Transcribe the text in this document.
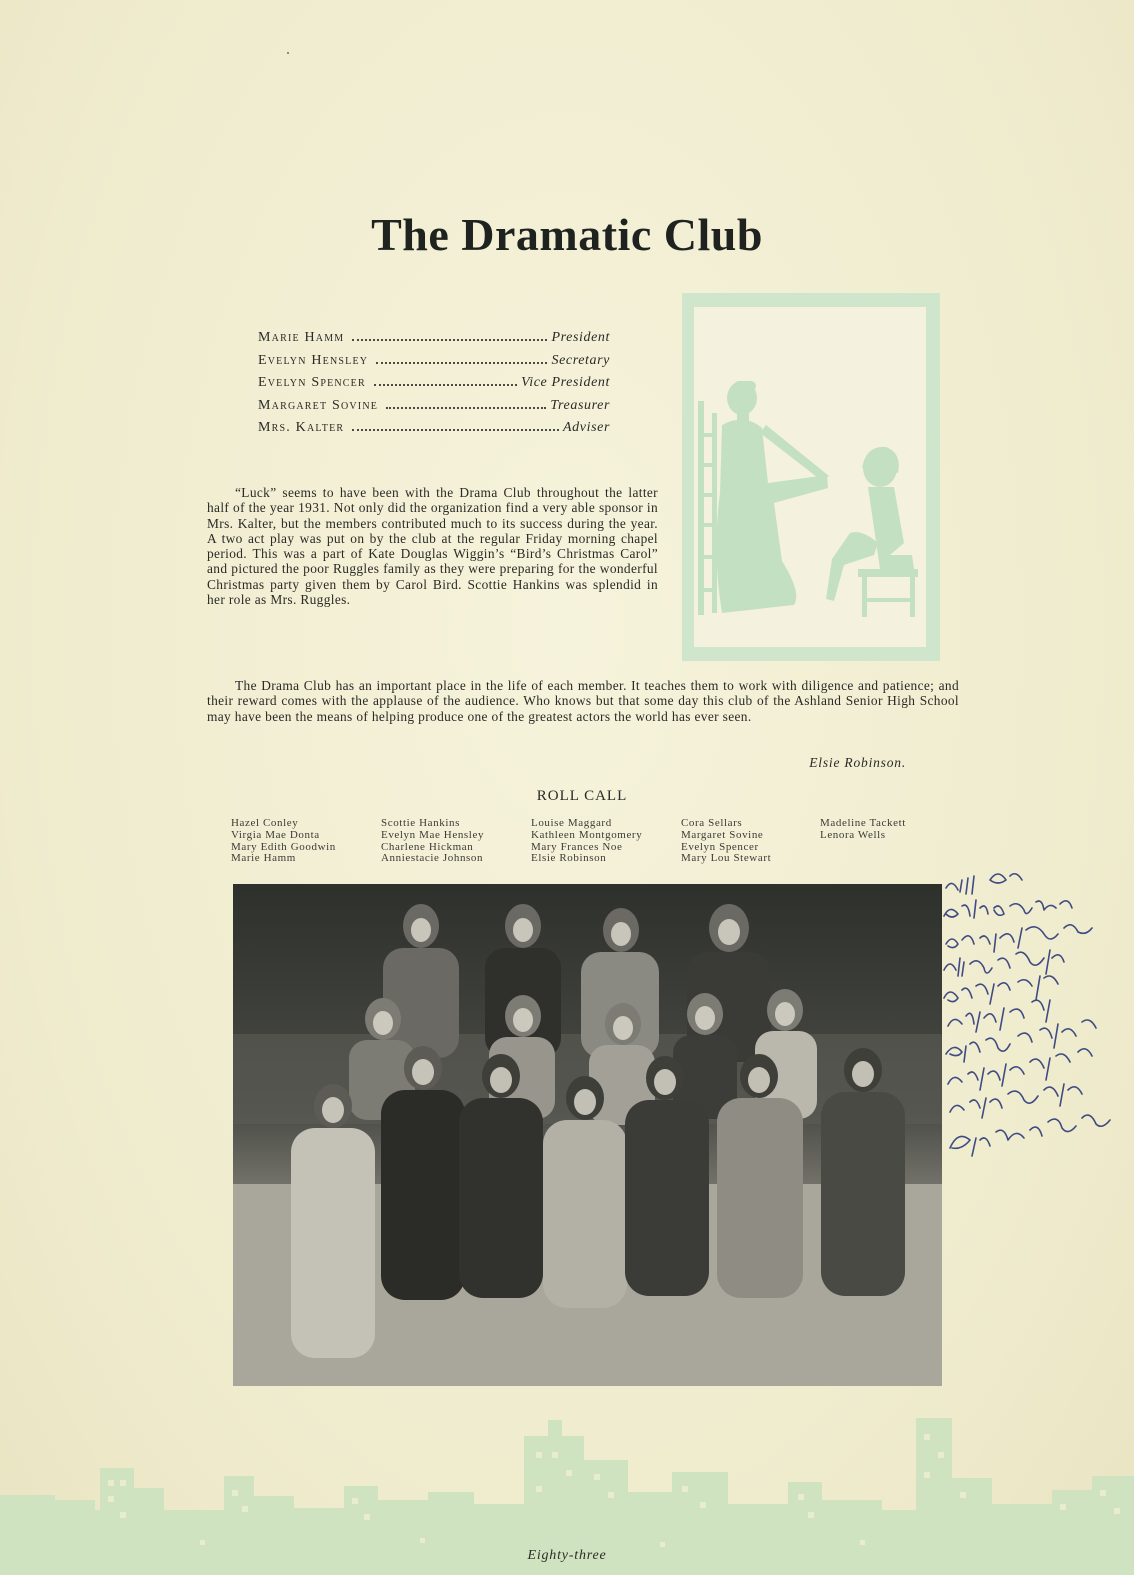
The Dramatic Club
Marie Hamm	President
Evelyn Hensley	Secretary
Evelyn Spencer	Vice President
Margaret Sovine	Treasurer
Mrs. Kalter	Adviser

“Luck” seems to have been with the Drama Club throughout the latter half of the year 1931. Not only did the organization find a very able sponsor in Mrs. Kalter, but the members contributed much to its success during the year. A two act play was put on by the club at the regular Friday morning chapel period. This was a part of Kate Douglas Wiggin’s “Bird’s Christmas Carol” and pictured the poor Ruggles family as they were preparing for the wonderful Christmas party given them by Carol Bird. Scottie Hankins was splendid in her role as Mrs. Ruggles.

The Drama Club has an important place in the life of each member. It teaches them to work with diligence and patience; and their reward comes with the applause of the audience. Who knows but that some day this club of the Ashland Senior High School may have been the means of helping produce one of the greatest actors the world has ever seen.

Elsie Robinson.
ROLL CALL
Hazel Conley
Virgia Mae Donta
Mary Edith Goodwin
Marie Hamm
Scottie Hankins
Evelyn Mae Hensley
Charlene Hickman
Anniestacie Johnson
Louise Maggard
Kathleen Montgomery
Mary Frances Noe
Elsie Robinson
Cora Sellars
Margaret Sovine
Evelyn Spencer
Mary Lou Stewart
Madeline Tackett
Lenora Wells
Eighty-three
